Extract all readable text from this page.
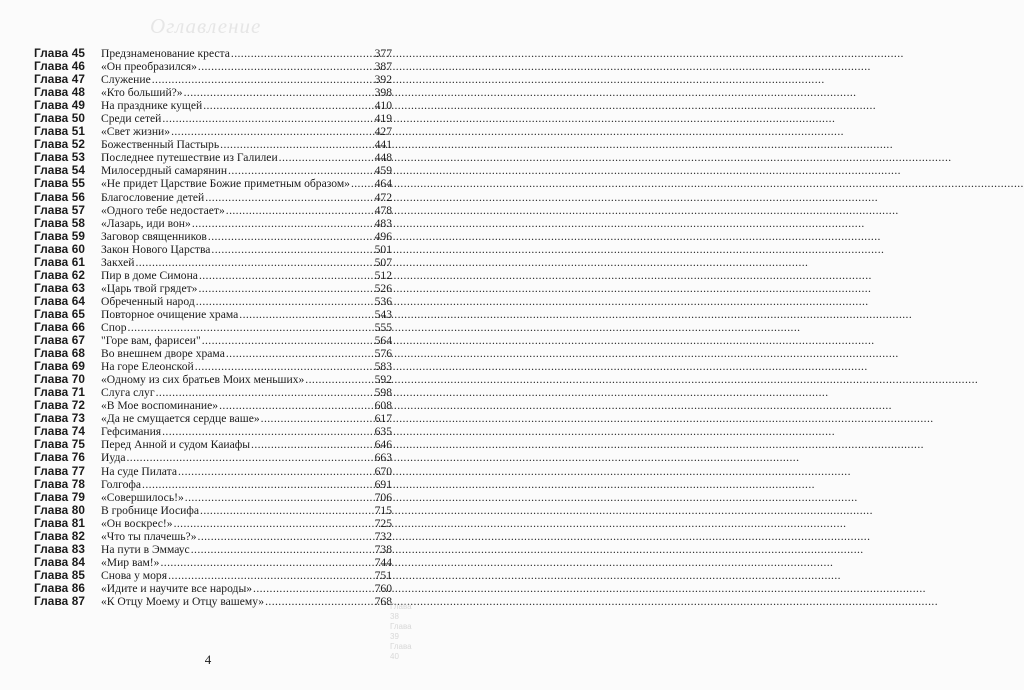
Оглавление
Глава 45	Предзнаменование креста .....	377
Глава 46	«Он преобразился» .....	387
Глава 47	Служение .....	392
Глава 48	«Кто больший?» .....	398
Глава 49	На празднике кущей .....	410
Глава 50	Среди сетей .....	419
Глава 51	«Свет жизни» .....	427
Глава 52	Божественный Пастырь .....	441
Глава 53	Последнее путешествие из Галилеи .....	448
Глава 54	Милосердный самарянин .....	459
Глава 55	«Не придет Царствие Божие приметным образом» ..... 464
Глава 56	Благословение детей .....	472
Глава 57	«Одного тебе недостает» .....	478
Глава 58	«Лазарь, иди вон» .....	483
Глава 59	Заговор священников .....	496
Глава 60	Закон Нового Царства .....	501
Глава 61	Закхей .....	507
Глава 62	Пир в доме Симона .....	512
Глава 63	«Царь твой грядет» .....	526
Глава 64	Обреченный народ .....	536
Глава 65	Повторное очищение храма .....	543
Глава 66	Спор .....	555
Глава 67	"Горе вам, фарисеи" .....	564
Глава 68	Во внешнем дворе храма .....	576
Глава 69	На горе Елеонской .....	583
Глава 70	«Одному из сих братьев Моих меньших» .....	592
Глава 71	Слуга слуг .....	598
Глава 72	«В Мое воспоминание» .....	608
Глава 73	«Да не смущается сердце ваше» .....	617
Глава 74	Гефсимания .....	635
Глава 75	Перед Анной и судом Каиафы .....	646
Глава 76	Иуда .....	663
Глава 77	На суде Пилата .....	670
Глава 78	Голгофа .....	691
Глава 79	«Совершилось!» .....	706
Глава 80	В гробнице Иосифа .....	715
Глава 81	«Он воскрес!» .....	725
Глава 82	«Что ты плачешь?» .....	732
Глава 83	На пути в Эммаус .....	738
Глава 84	«Мир вам!» .....	744
Глава 85	Снова у моря .....	751
Глава 86	«Идите и научите все народы» .....	760
Глава 87	«К Отцу Моему и Отцу вашему» .....	768
Глава 38
Глава 39
Глава 40
4
